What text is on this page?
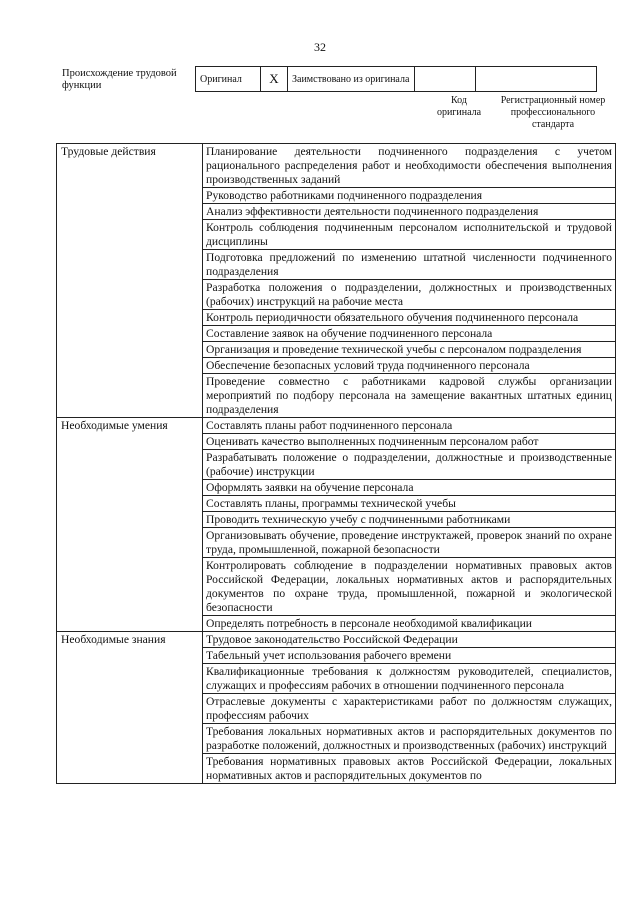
32
Происхождение трудовой функции
Оригинал	X	Заимствовано из оригинала		
Код оригинала
Регистрационный номер профессионального стандарта
Трудовые действия	Планирование деятельности подчиненного подразделения с учетом рационального распределения работ и необходимости обеспечения выполнения производственных заданий
	Руководство работниками подчиненного подразделения
	Анализ эффективности деятельности подчиненного подразделения
	Контроль соблюдения подчиненным персоналом исполнительской и трудовой дисциплины
	Подготовка предложений по изменению штатной численности подчиненного подразделения
	Разработка положения о подразделении, должностных и производственных (рабочих) инструкций на рабочие места
	Контроль периодичности обязательного обучения подчиненного персонала
	Составление заявок на обучение подчиненного персонала
	Организация и проведение технической учебы с персоналом подразделения
	Обеспечение безопасных условий труда подчиненного персонала
	Проведение совместно с работниками кадровой службы организации мероприятий по подбору персонала на замещение вакантных штатных единиц подразделения
Необходимые умения	Составлять планы работ подчиненного персонала
	Оценивать качество выполненных подчиненным персоналом работ
	Разрабатывать положение о подразделении, должностные и производственные (рабочие) инструкции
	Оформлять заявки на обучение персонала
	Составлять планы, программы технической учебы
	Проводить техническую учебу с подчиненными работниками
	Организовывать обучение, проведение инструктажей, проверок знаний по охране труда, промышленной, пожарной безопасности
	Контролировать соблюдение в подразделении нормативных правовых актов Российской Федерации, локальных нормативных актов и распорядительных документов по охране труда, промышленной, пожарной и экологической безопасности
	Определять потребность в персонале необходимой квалификации
Необходимые знания	Трудовое законодательство Российской Федерации
	Табельный учет использования рабочего времени
	Квалификационные требования к должностям руководителей, специалистов, служащих и профессиям рабочих в отношении подчиненного персонала
	Отраслевые документы с характеристиками работ по должностям служащих, профессиям рабочих
	Требования локальных нормативных актов и распорядительных документов по разработке положений, должностных и производственных (рабочих) инструкций
	Требования нормативных правовых актов Российской Федерации, локальных нормативных актов и распорядительных документов по
